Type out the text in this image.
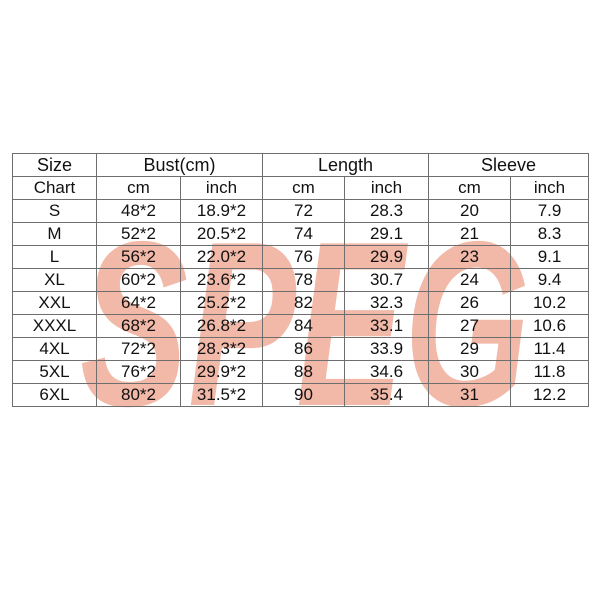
SPEG
Size	Bust(cm)		Length		Sleeve	
Chart	cm	inch	cm	inch	cm	inch
S	48*2	18.9*2	72	28.3	20	7.9
M	52*2	20.5*2	74	29.1	21	8.3
L	56*2	22.0*2	76	29.9	23	9.1
XL	60*2	23.6*2	78	30.7	24	9.4
XXL	64*2	25.2*2	82	32.3	26	10.2
XXXL	68*2	26.8*2	84	33.1	27	10.6
4XL	72*2	28.3*2	86	33.9	29	11.4
5XL	76*2	29.9*2	88	34.6	30	11.8
6XL	80*2	31.5*2	90	35.4	31	12.2
